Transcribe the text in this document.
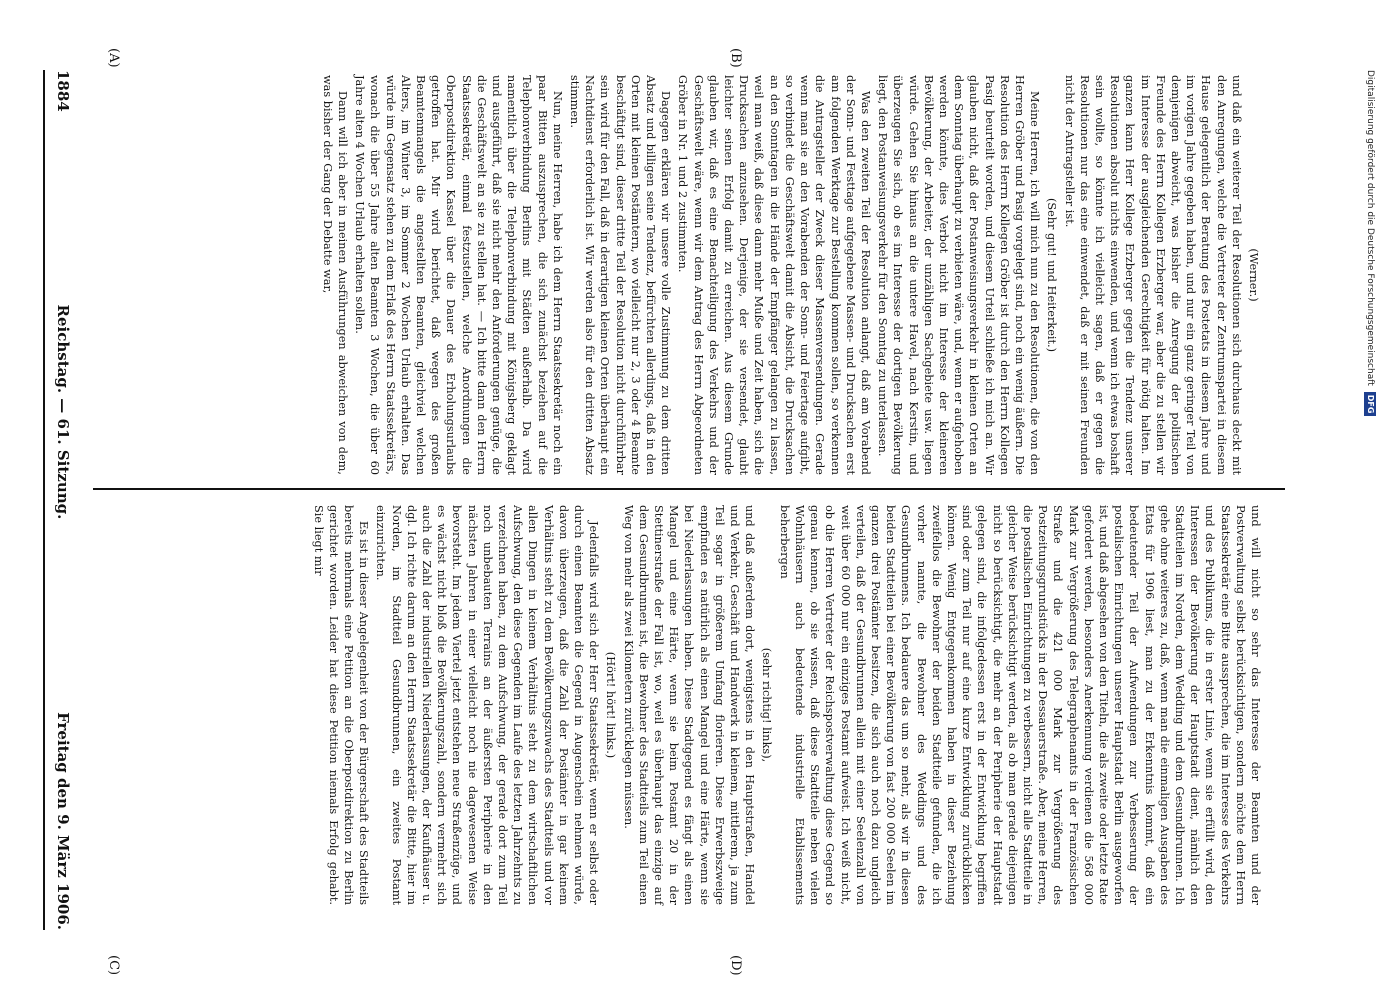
1884
Reichstag. — 61. Sitzung.
Freitag den 9. März 1906.
(A)	(B)
(C)	(D)

(Werner.)

und daß ein weiterer Teil der Resolutionen sich durchaus deckt mit den Anregungen, welche die Vertreter der Zentrumspartei in diesem Hause gelegentlich der Beratung des Postetats in diesem Jahre und im vorigen Jahre gegeben haben, und nur ein ganz geringer Teil von demjenigen abweicht, was bisher die Anregung der politischen Freunde des Herrn Kollegen Erzberger war, aber die zu stellen wir im Interesse der ausgleichenden Gerechtigkeit für nötig halten. Im ganzen kann Herr Kollege Erzberger gegen die Tendenz unserer Resolutionen absolut nichts einwenden, und wenn ich etwas boshaft sein wollte, so könnte ich vielleicht sagen, daß er gegen die Resolutionen nur das eine einwendet, daß er mit seinen Freunden nicht der Antragsteller ist.

(Sehr gut! und Heiterkeit.)

Meine Herren, ich will mich nun zu den Resolutionen, die von den Herren Gröber und Pasig vorgelegt sind, noch ein wenig äußern. Die Resolution des Herrn Kollegen Gröber ist durch den Herrn Kollegen Pasig beurteilt worden, und diesem Urteil schließe ich mich an. Wir glauben nicht, daß der Postanweisungsverkehr in kleinen Orten an dem Sonntag überhaupt zu verbieten wäre, und, wenn er aufgehoben werden könnte, dies Verbot nicht im Interesse der kleineren Bevölkerung, der Arbeiter, der unzähligen Sachgebiete usw. liegen würde. Gehen Sie hinaus an die untere Havel, nach Kerstin, und überzeugen Sie sich, ob es im Interesse der dortigen Bevölkerung liegt, den Postanweisungsverkehr für den Sonntag zu unterlassen.

Was den zweiten Teil der Resolution anlangt, daß am Vorabend der Sonn- und Festtage aufgegebene Massen- und Drucksachen erst am folgenden Werktage zur Bestellung kommen sollen, so verkennen die Antragsteller der Zweck dieser Massenversendungen. Gerade wenn man sie an den Vorabenden der Sonn- und Feiertage aufgibt, so verbindet die Geschäftswelt damit die Absicht, die Drucksachen an den Sonntagen in die Hände der Empfänger gelangen zu lassen, weil man weiß, daß diese dann mehr Muße und Zeit haben, sich die Drucksachen anzusehen. Derjenige, der sie versendet, glaubt leichter seinen Erfolg damit zu erreichen. Aus diesem Grunde glauben wir, daß es eine Benachteiligung des Verkehrs und der Geschäftswelt wäre, wenn wir dem Antrag des Herrn Abgeordneten Gröber in Nr. 1 und 2 zustimmten.

Dagegen erklären wir unsere volle Zustimmung zu dem dritten Absatz und billigen seine Tendenz, befürchten allerdings, daß in den Orten mit kleinen Postämtern, wo vielleicht nur 2, 3 oder 4 Beamte beschäftigt sind, dieser dritte Teil der Resolution nicht durchführbar sein wird für den Fall, daß in derartigen kleinen Orten überhaupt ein Nachtdienst erforderlich ist. Wir werden also für den dritten Absatz stimmen.

Nun, meine Herren, habe ich dem Herrn Staatssekretär noch ein paar Bitten auszusprechen, die sich zunächst beziehen auf die Telephonverbindung Berlins mit Städten außerhalb. Da wird namentlich über die Telephonverbindung mit Königsberg geklagt und ausgeführt, daß sie nicht mehr den Anforderungen genüge, die die Geschäftswelt an sie zu stellen hat. — Ich bitte dann den Herrn Staatssekretär, einmal festzustellen, welche Anordnungen die Oberpostdirektion Kassel über die Dauer des Erholungsurlaubs getroffen hat. Mir wird berichtet, daß wegen des großen Beamtenmangels die angestellten Beamten, gleichviel welchen Alters, im Winter 3, im Sommer 2 Wochen Urlaub erhalten. Das würde im Gegensatz stehen zu dem Erlaß des Herrn Staatssekretärs, wonach die über 55 Jahre alten Beamten 3 Wochen, die über 60 Jahre alten 4 Wochen Urlaub erhalten sollen.

Dann will ich aber in meinen Ausführungen abweichen von dem, was bisher der Gang der Debatte war,

und will nicht so sehr das Interesse der Beamten und der Postverwaltung selbst berücksichtigen, sondern möchte dem Herrn Staatssekretär eine Bitte aussprechen, die im Interesse des Verkehrs und des Publikums, die in erster Linie, wenn sie erfüllt wird, den Interessen der Bevölkerung der Hauptstadt dient, nämlich den Stadtteilen im Norden, dem Wedding und dem Gesundbrunnen. Ich gehe ohne weiteres zu, daß, wenn man die einmaligen Ausgaben des Etats für 1906 liest, man zu der Erkenntnis kommt, daß ein bedeutender Teil der Aufwendungen zur Verbesserung der postalischen Einrichtungen unserer Hauptstadt Berlin ausgeworfen ist, und daß abgesehen von den Titeln, die als zweite oder letzte Rate gefordert werden, besonders Anerkennung verdienen die 568 000 Mark zur Vergrößerung des Telegraphenamts in der Französischen Straße und die 421 000 Mark zur Vergrößerung des Postzeitungsgrundstücks in der Dessauerstraße. Aber, meine Herren, die postalischen Einrichtungen zu verbessern, nicht alle Stadtteile in gleicher Weise berücksichtigt werden, als ob man gerade diejenigen nicht so berücksichtigt, die mehr an der Peripherie der Hauptstadt gelegen sind, die infolgedessen erst in der Entwicklung begriffen sind oder zum Teil nur auf eine kurze Entwicklung zurückblicken können. Wenig Entgegenkommen haben in dieser Beziehung zweifellos die Bewohner der beiden Stadtteile gefunden, die ich vorher nannte, die Bewohner des Weddings und des Gesundbrunnens. Ich bedauere das um so mehr, als wir in diesen beiden Stadtteilen bei einer Bevölkerung von fast 200 000 Seelen im ganzen drei Postämter besitzen, die sich auch noch dazu ungleich verteilen, daß der Gesundbrunnen allein mit einer Seelenzahl von weit über 60 000 nur ein einziges Postamt aufweist. Ich weiß nicht, ob die Herren Vertreter der Reichspostverwaltung diese Gegend so genau kennen, ob sie wissen, daß diese Stadtteile neben vielen Wohnhäusern auch bedeutende industrielle Etablissements beherbergen

(sehr richtig! links),

und daß außerdem dort, wenigstens in den Hauptstraßen, Handel und Verkehr, Geschäft und Handwerk in kleinem, mittlerem, ja zum Teil sogar in größerem Umfang florieren. Diese Erwerbszweige empfinden es natürlich als einen Mangel und eine Härte, wenn sie bei Niederlassungen haben. Diese Stadtgegend es fängt als einen Mangel und eine Härte, wenn sie beim Postamt 20 in der Stettinerstraße der Fall ist, wo, weil es überhaupt das einzige auf dem Gesundbrunnen ist, die Bewohner des Stadtteils zum Teil einen Weg von mehr als zwei Kilometern zurücklegen müssen.

(Hört! hört! links.)

Jedenfalls wird sich der Herr Staatssekretär, wenn er selbst oder durch einen Beamten die Gegend in Augenschein nehmen würde, davon überzeugen, daß die Zahl der Postämter in gar keinem Verhältnis steht zu dem Bevölkerungszuwachs des Stadtteils und vor allen Dingen in keinem Verhältnis steht zu dem wirtschaftlichen Aufschwung, den diese Gegenden im Laufe des letzten Jahrzehnts zu verzeichnen haben, zu dem Aufschwung, der gerade dort zum Teil noch unbebauten Terrains an der äußersten Peripherie in den nächsten Jahren in einer vielleicht noch nie dagewesenen Weise bevorsteht. Im jedem Viertel jetzt entstehen neue Straßenzüge, und es wächst nicht bloß die Bevölkerungszahl, sondern vermehrt sich auch die Zahl der industriellen Niederlassungen, der Kaufhäuser u. dgl. Ich richte darum an den Herrn Staatssekretär die Bitte, hier im Norden, im Stadtteil Gesundbrunnen, ein zweites Postamt einzurichten.

Es ist in dieser Angelegenheit von der Bürgerschaft des Stadtteils bereits mehrmals eine Petition an die Oberpostdirektion zu Berlin gerichtet worden. Leider hat diese Petition niemals Erfolg gehabt. Sie liegt mir

Digitalisierung gefördert durch die Deutsche Forschungsgemeinschaft
DFG
